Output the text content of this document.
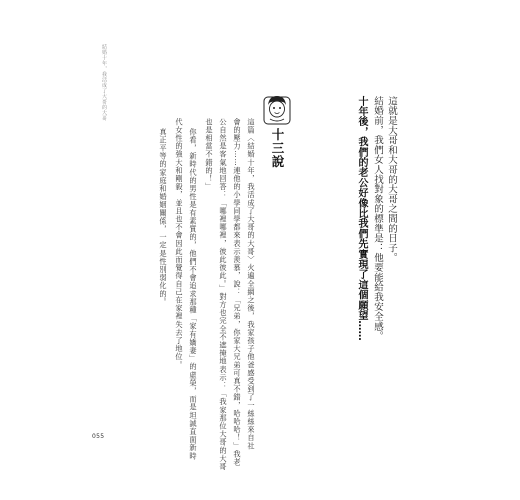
結婚十年，我活成了大哥的大哥
這就是大哥和大哥的大哥之間的日子。
結婚前，我們女人找對象的標準是：他要能給我安全感。
十年後，我們的老公好像比我們先實現了這個願望……
十三說
這篇〈結婚十年，我活成了大哥的大哥〉火遍全網之後，我家孩子他爸感受到了一絲絲來自社
會的壓力……連他的小學同學都來表示羨慕，說：「兄弟，你家大兄弟可真不錯，哈哈哈！」我老
公自然是客氣地回答：「哪裡哪裡，彼此彼此。」對方也完全不遮掩地表示：「我家那位大哥的大哥
也是相當不錯的！」
你看，新時代的男性是有素質的，他們不會追求那種「家有嬌妻」的虛榮，而是坦誠直面新時
代女性的強大和剛毅，並且也不會因此而覺得自己在家裡失去了地位。
真正平等的家庭和婚姻關係，一定是性別弱化的。
055
